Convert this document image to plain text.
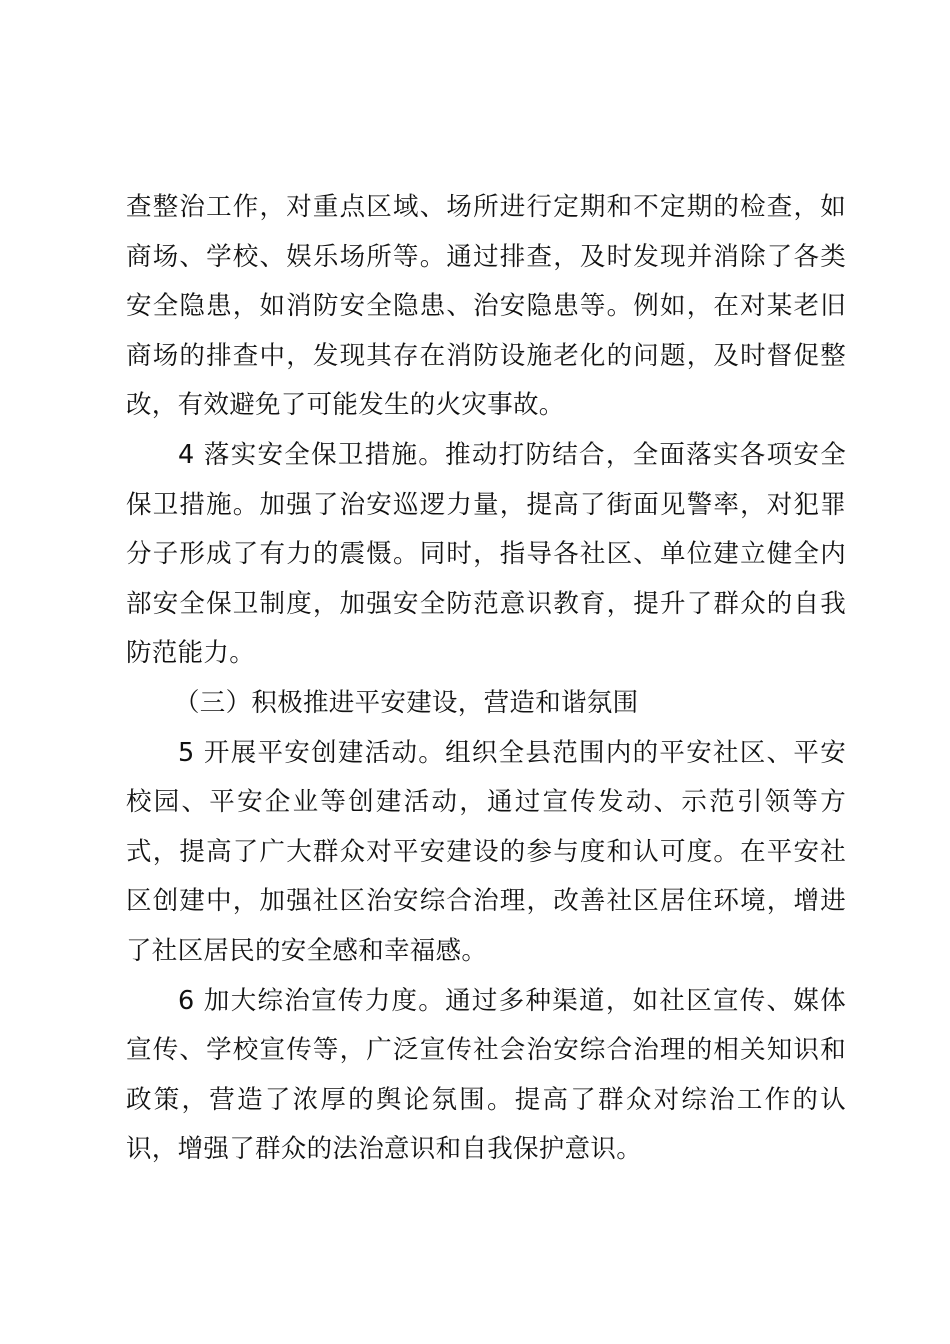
查整治工作，对重点区域、场所进行定期和不定期的检查，如商场、学校、娱乐场所等。通过排查，及时发现并消除了各类安全隐患，如消防安全隐患、治安隐患等。例如，在对某老旧商场的排查中，发现其存在消防设施老化的问题，及时督促整改，有效避免了可能发生的火灾事故。

4 落实安全保卫措施。推动打防结合，全面落实各项安全保卫措施。加强了治安巡逻力量，提高了街面见警率，对犯罪分子形成了有力的震慑。同时，指导各社区、单位建立健全内部安全保卫制度，加强安全防范意识教育，提升了群众的自我防范能力。

（三）积极推进平安建设，营造和谐氛围

5 开展平安创建活动。组织全县范围内的平安社区、平安校园、平安企业等创建活动，通过宣传发动、示范引领等方式，提高了广大群众对平安建设的参与度和认可度。在平安社区创建中，加强社区治安综合治理，改善社区居住环境，增进了社区居民的安全感和幸福感。

6 加大综治宣传力度。通过多种渠道，如社区宣传、媒体宣传、学校宣传等，广泛宣传社会治安综合治理的相关知识和政策，营造了浓厚的舆论氛围。提高了群众对综治工作的认识，增强了群众的法治意识和自我保护意识。
